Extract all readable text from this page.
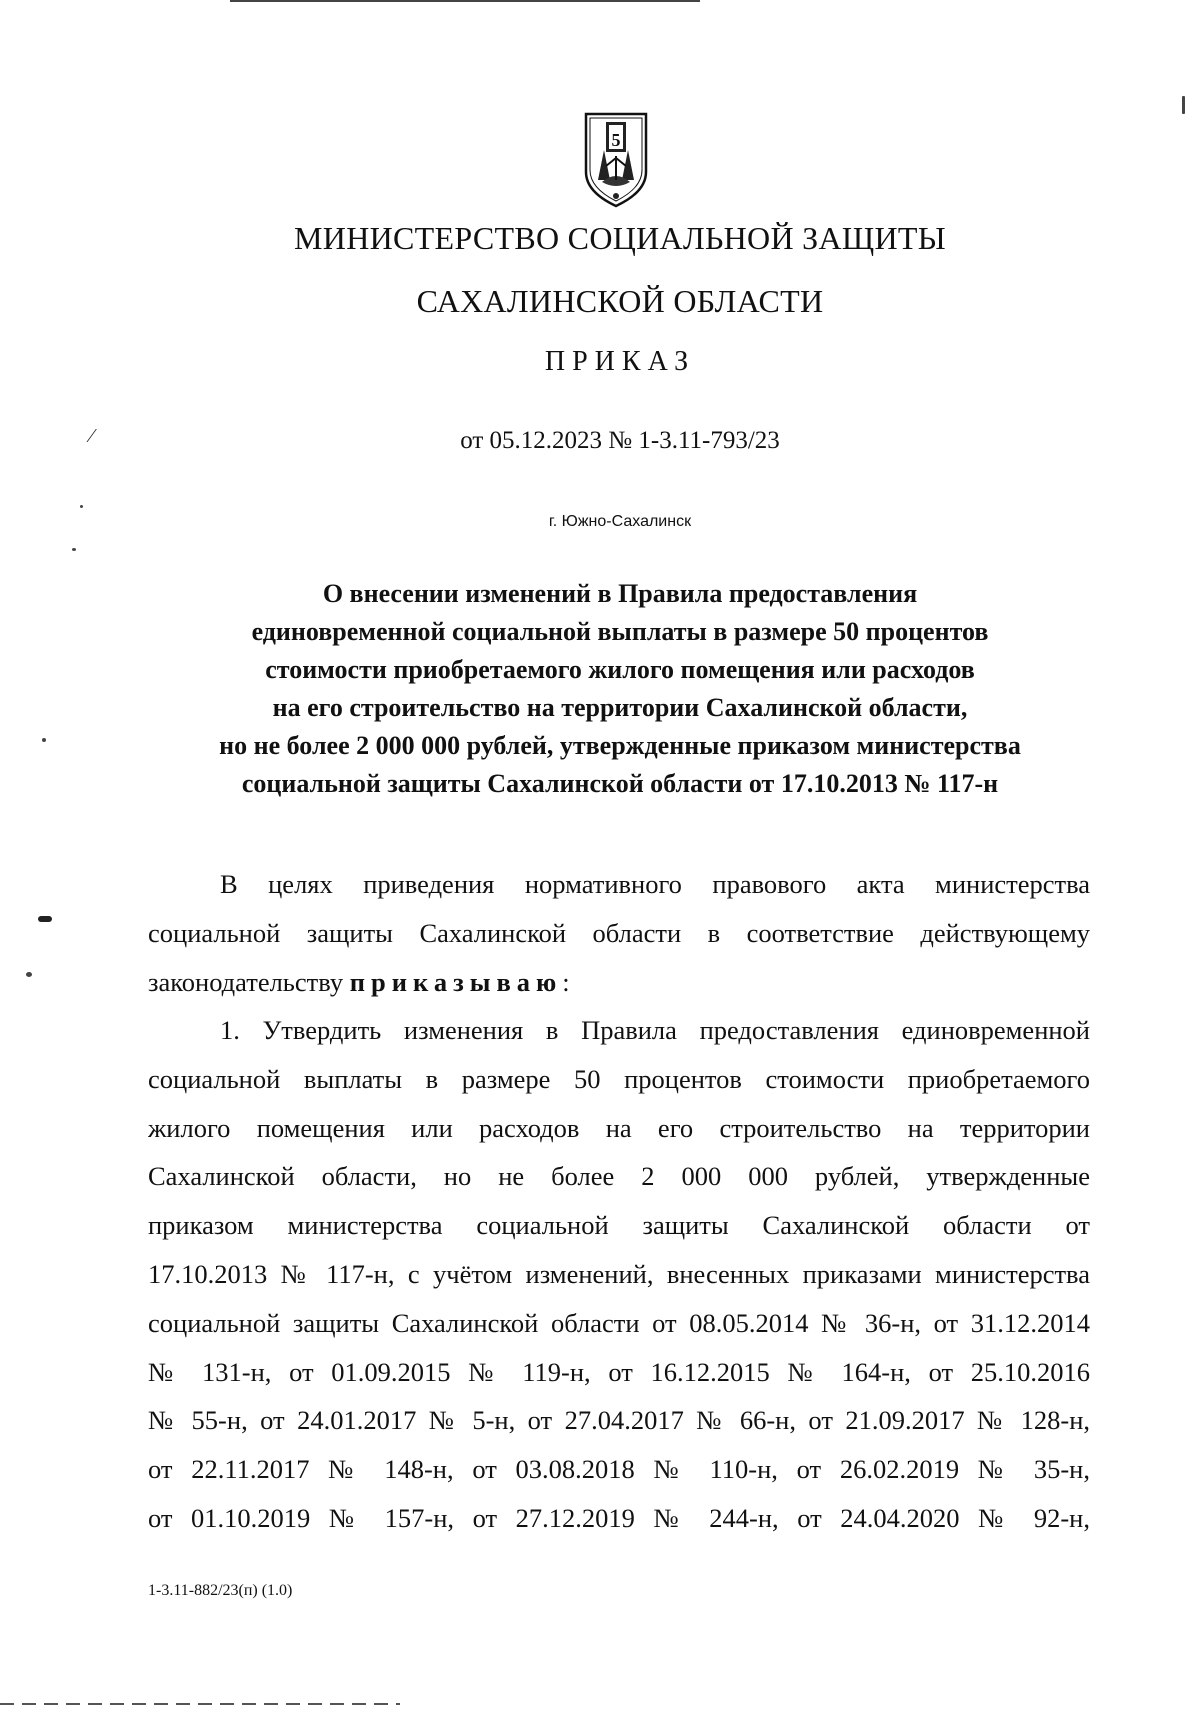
5
МИНИСТЕРСТВО СОЦИАЛЬНОЙ ЗАЩИТЫ
САХАЛИНСКОЙ ОБЛАСТИ
ПРИКАЗ
от 05.12.2023 № 1-3.11-793/23
г. Южно-Сахалинск
О внесении изменений в Правила предоставления
единовременной социальной выплаты в размере 50 процентов
стоимости приобретаемого жилого помещения или расходов
на его строительство на территории Сахалинской области,
но не более 2 000 000 рублей, утвержденные приказом министерства
социальной защиты Сахалинской области от 17.10.2013 № 117-н
В целях приведения нормативного правового акта министерства
социальной защиты Сахалинской области в соответствие действующему
законодательству приказываю:
1. Утвердить изменения в Правила предоставления единовременной
социальной выплаты в размере 50 процентов стоимости приобретаемого
жилого помещения или расходов на его строительство на территории
Сахалинской области, но не более 2 000 000 рублей, утвержденные
приказом министерства социальной защиты Сахалинской области от
17.10.2013 № 117-н, с учётом изменений, внесенных приказами министерства
социальной защиты Сахалинской области от 08.05.2014 № 36-н, от 31.12.2014
№ 131-н, от 01.09.2015 № 119-н, от 16.12.2015 № 164-н, от 25.10.2016
№ 55-н, от 24.01.2017 № 5-н, от 27.04.2017 № 66-н, от 21.09.2017 № 128-н,
от 22.11.2017 № 148-н, от 03.08.2018 № 110-н, от 26.02.2019 № 35-н,
от 01.10.2019 № 157-н, от 27.12.2019 № 244-н, от 24.04.2020 № 92-н,
1-3.11-882/23(п) (1.0)
⁄
